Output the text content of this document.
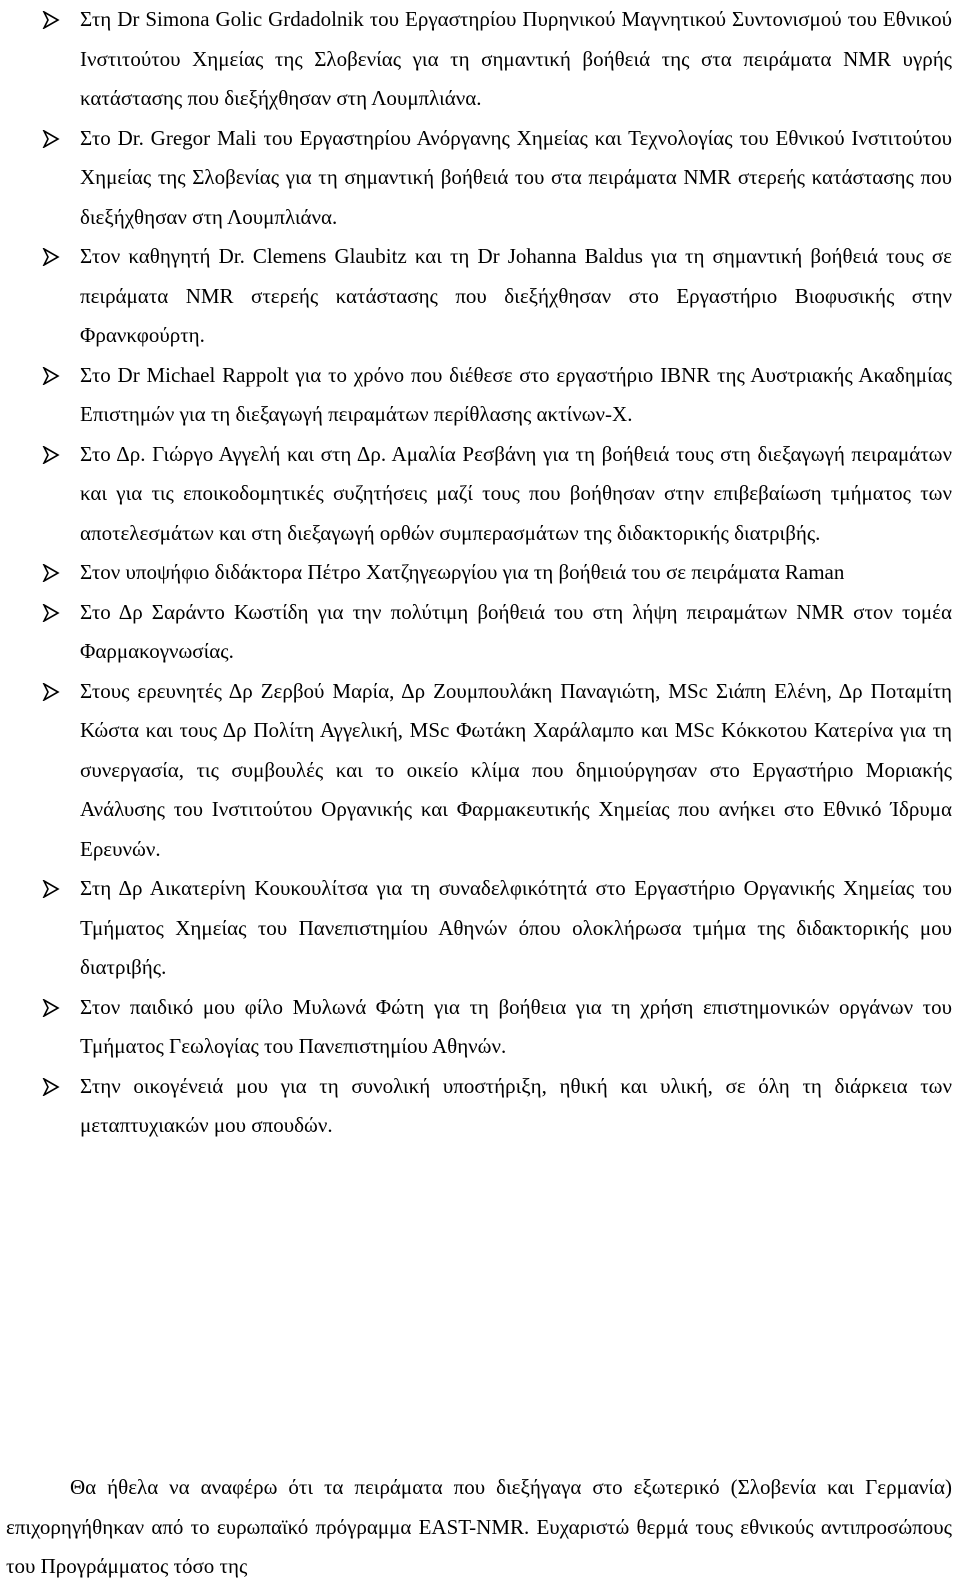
Στη Dr Simona Golic Grdadolnik του Εργαστηρίου Πυρηνικού Μαγνητικού Συντονισμού του Εθνικού Ινστιτούτου Χημείας της Σλοβενίας για τη σημαντική βοήθειά της στα πειράματα NMR υγρής κατάστασης που διεξήχθησαν στη Λουμπλιάνα.
Στο Dr. Gregor Mali του Εργαστηρίου Ανόργανης Χημείας και Τεχνολογίας του Εθνικού Ινστιτούτου Χημείας της Σλοβενίας για τη σημαντική βοήθειά του στα πειράματα NMR στερεής κατάστασης που διεξήχθησαν στη Λουμπλιάνα.
Στον καθηγητή Dr. Clemens Glaubitz και τη Dr Johanna Baldus για τη σημαντική βοήθειά τους σε πειράματα NMR στερεής κατάστασης που διεξήχθησαν στο Εργαστήριο Βιοφυσικής στην Φρανκφούρτη.
Στο Dr Michael Rappolt για το χρόνο που διέθεσε στο εργαστήριο IBNR της Αυστριακής Ακαδημίας Επιστημών για τη διεξαγωγή πειραμάτων περίθλασης ακτίνων-Χ.
Στο Δρ. Γιώργο Αγγελή και στη Δρ. Αμαλία Ρεσβάνη για τη βοήθειά τους στη διεξαγωγή πειραμάτων και για τις εποικοδομητικές συζητήσεις μαζί τους που βοήθησαν στην επιβεβαίωση τμήματος των αποτελεσμάτων και στη διεξαγωγή ορθών συμπερασμάτων της διδακτορικής διατριβής.
Στον υποψήφιο διδάκτορα Πέτρο Χατζηγεωργίου για τη βοήθειά του σε πειράματα Raman
Στο Δρ Σαράντο Κωστίδη για την πολύτιμη βοήθειά του στη λήψη πειραμάτων NMR στον τομέα Φαρμακογνωσίας.
Στους ερευνητές Δρ Ζερβού Μαρία, Δρ Ζουμπουλάκη Παναγιώτη, MSc Σιάπη Ελένη, Δρ Ποταμίτη Κώστα και τους Δρ Πολίτη Αγγελική, MSc Φωτάκη Χαράλαμπο και MSc Κόκκοτου Κατερίνα για τη συνεργασία, τις συμβουλές και το οικείο κλίμα που δημιούργησαν στο Εργαστήριο Μοριακής Ανάλυσης του Ινστιτούτου Οργανικής και Φαρμακευτικής Χημείας που ανήκει στο Εθνικό Ίδρυμα Ερευνών.
Στη Δρ Αικατερίνη Κουκουλίτσα για τη συναδελφικότητά στο Εργαστήριο Οργανικής Χημείας του Τμήματος Χημείας του Πανεπιστημίου Αθηνών όπου ολοκλήρωσα τμήμα της διδακτορικής μου διατριβής.
Στον παιδικό μου φίλο Μυλωνά Φώτη για τη βοήθεια για τη χρήση επιστημονικών οργάνων του Τμήματος Γεωλογίας του Πανεπιστημίου Αθηνών.
Στην οικογένειά μου για τη συνολική υποστήριξη, ηθική και υλική, σε όλη τη διάρκεια των μεταπτυχιακών μου σπουδών.

Θα ήθελα να αναφέρω ότι τα πειράματα που διεξήγαγα στο εξωτερικό (Σλοβενία και Γερμανία) επιχορηγήθηκαν από το ευρωπαϊκό πρόγραμμα EAST-NMR. Ευχαριστώ θερμά τους εθνικούς αντιπροσώπους του Προγράμματος τόσο της
